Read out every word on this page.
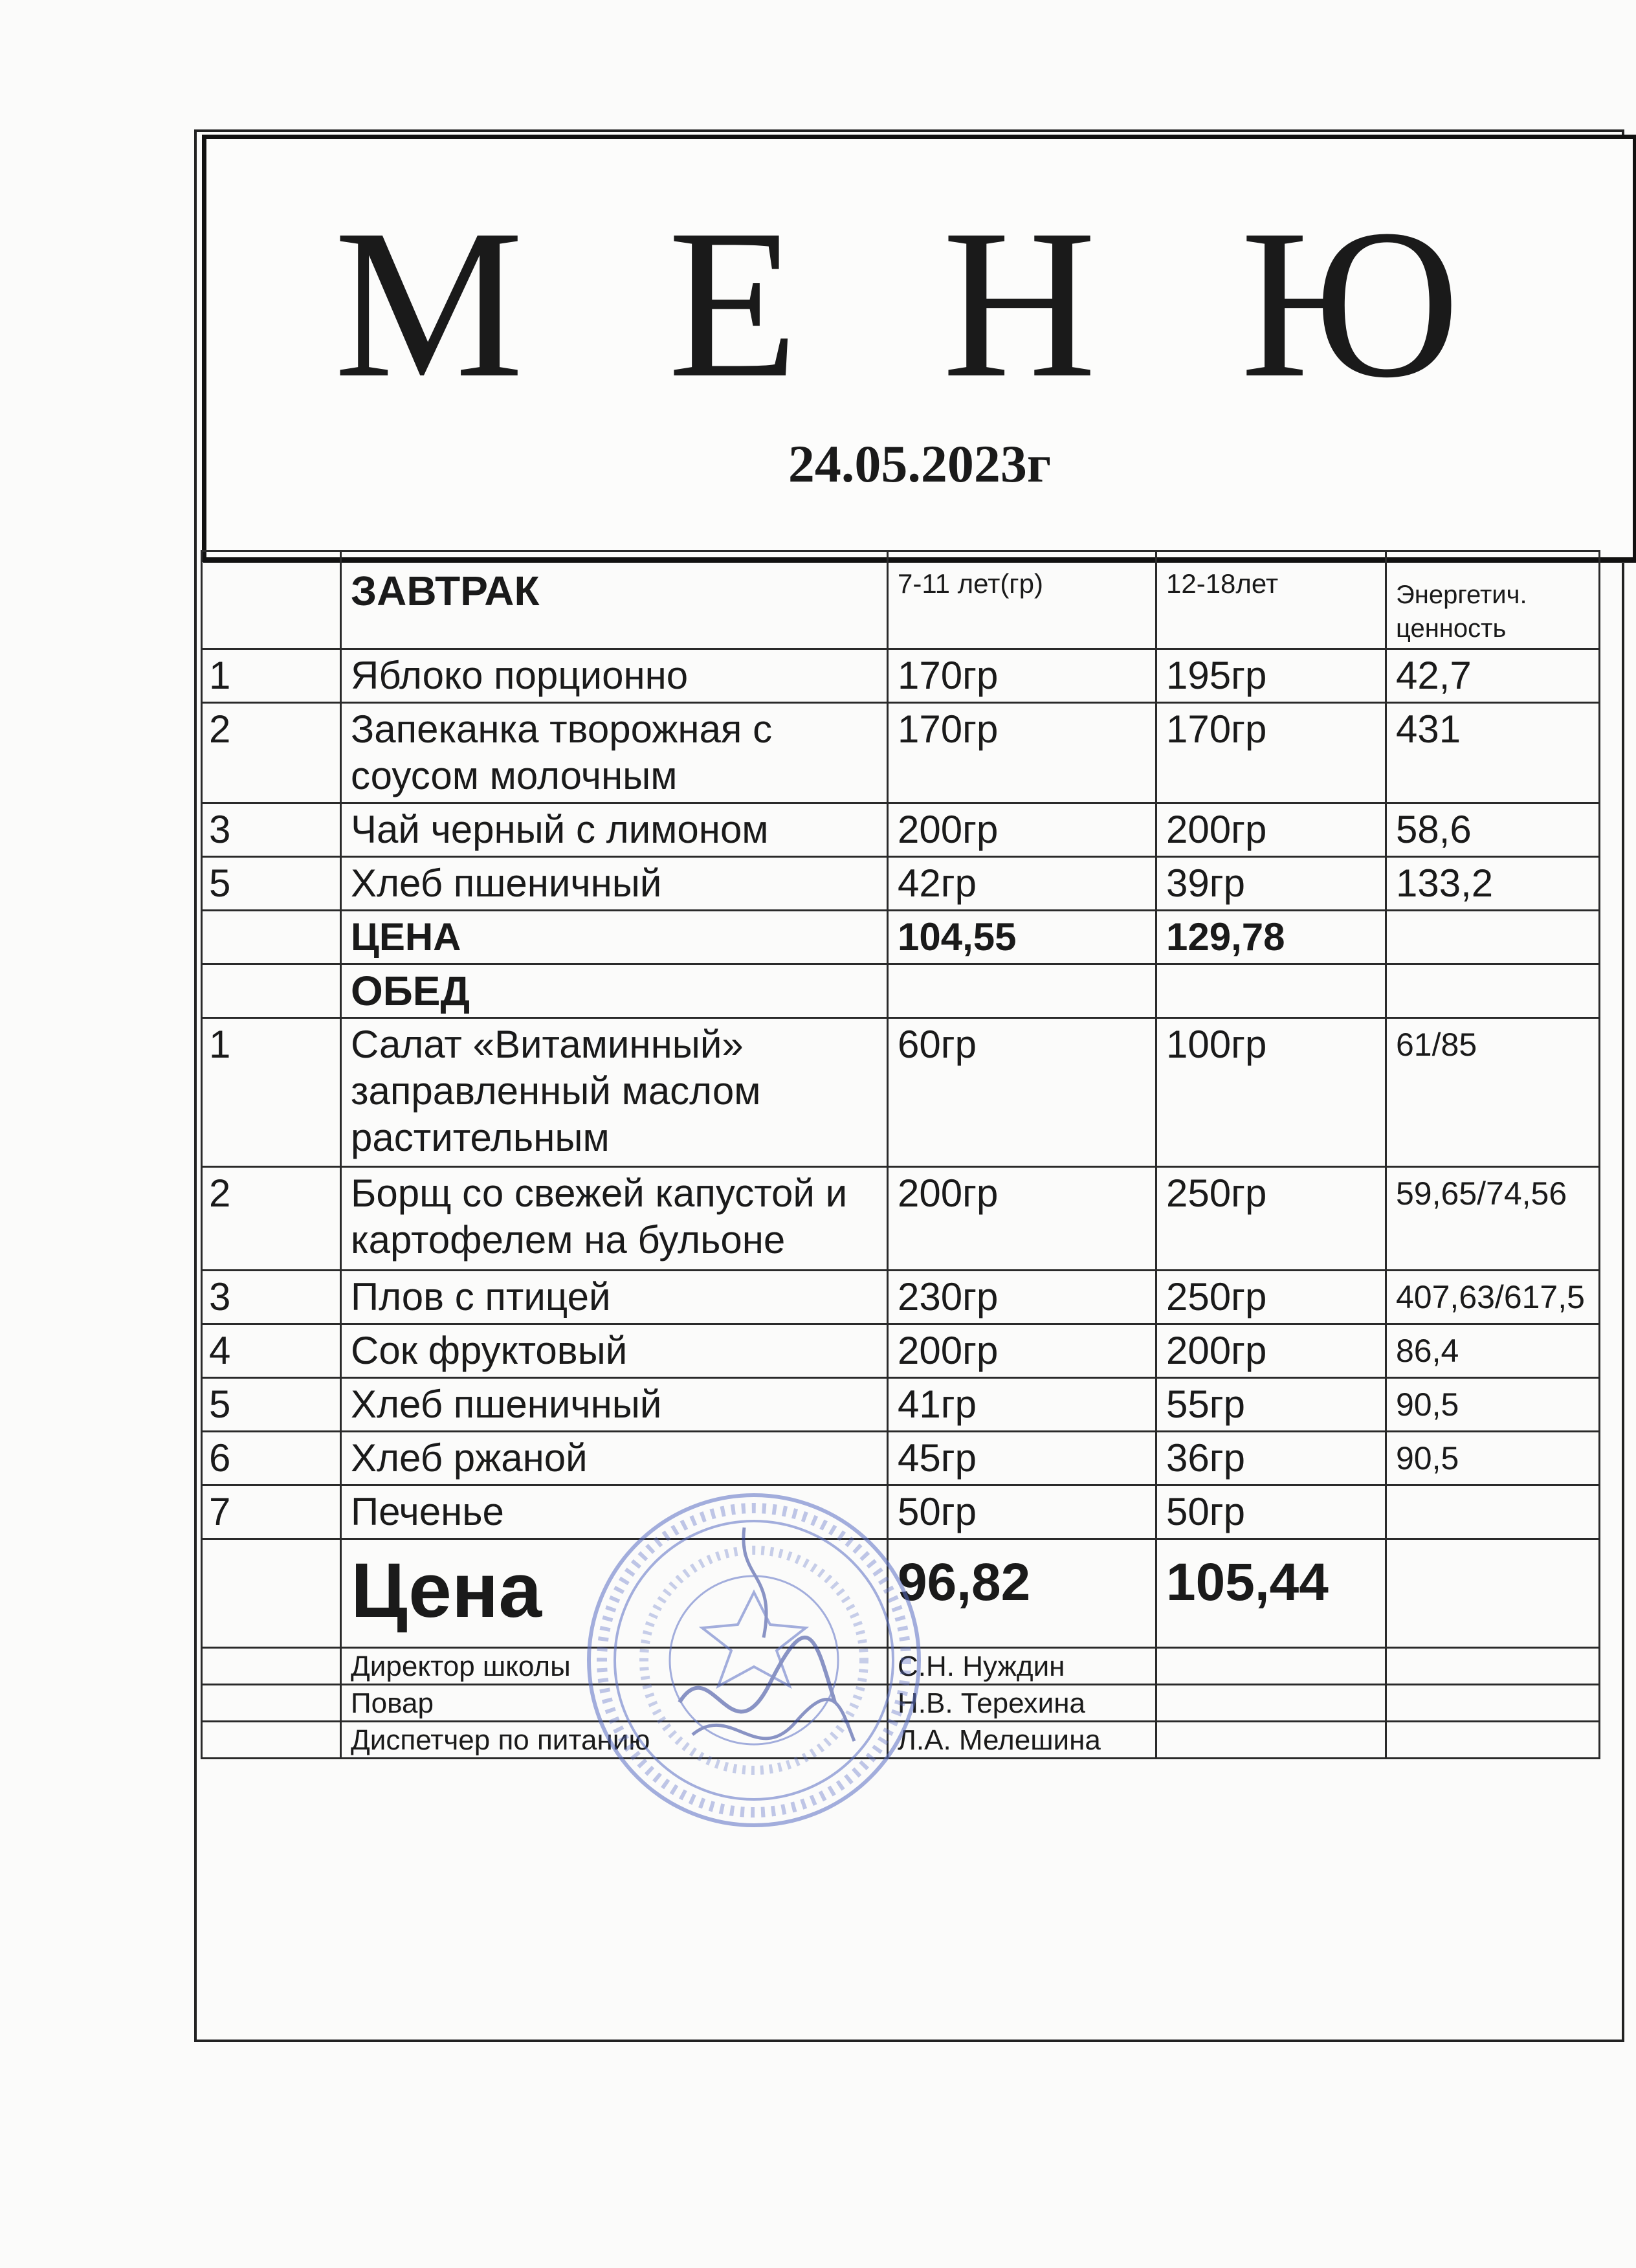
М Е Н Ю
24.05.2023г
	ЗАВТРАК	7-11 лет(гр)	12-18лет	Энергетич. ценность
1	Яблоко порционно	170гр	195гр	42,7
2	Запеканка творожная с соусом молочным	170гр	170гр	431
3	Чай черный с лимоном	200гр	200гр	58,6
5	Хлеб пшеничный	42гр	39гр	133,2
	ЦЕНА	104,55	129,78	
	ОБЕД			
1	Салат «Витаминный» заправленный маслом растительным	60гр	100гр	61/85
2	Борщ со свежей капустой и картофелем на бульоне	200гр	250гр	59,65/74,56
3	Плов с птицей	230гр	250гр	407,63/617,5
4	Сок фруктовый	200гр	200гр	86,4
5	Хлеб пшеничный	41гр	55гр	90,5
6	Хлеб ржаной	45гр	36гр	90,5
7	Печенье	50гр	50гр	
	Цена	96,82	105,44	
	Директор школы	С.Н. Нуждин		
	Повар	Н.В. Терехина		
	Диспетчер по питанию	Л.А. Мелешина		
